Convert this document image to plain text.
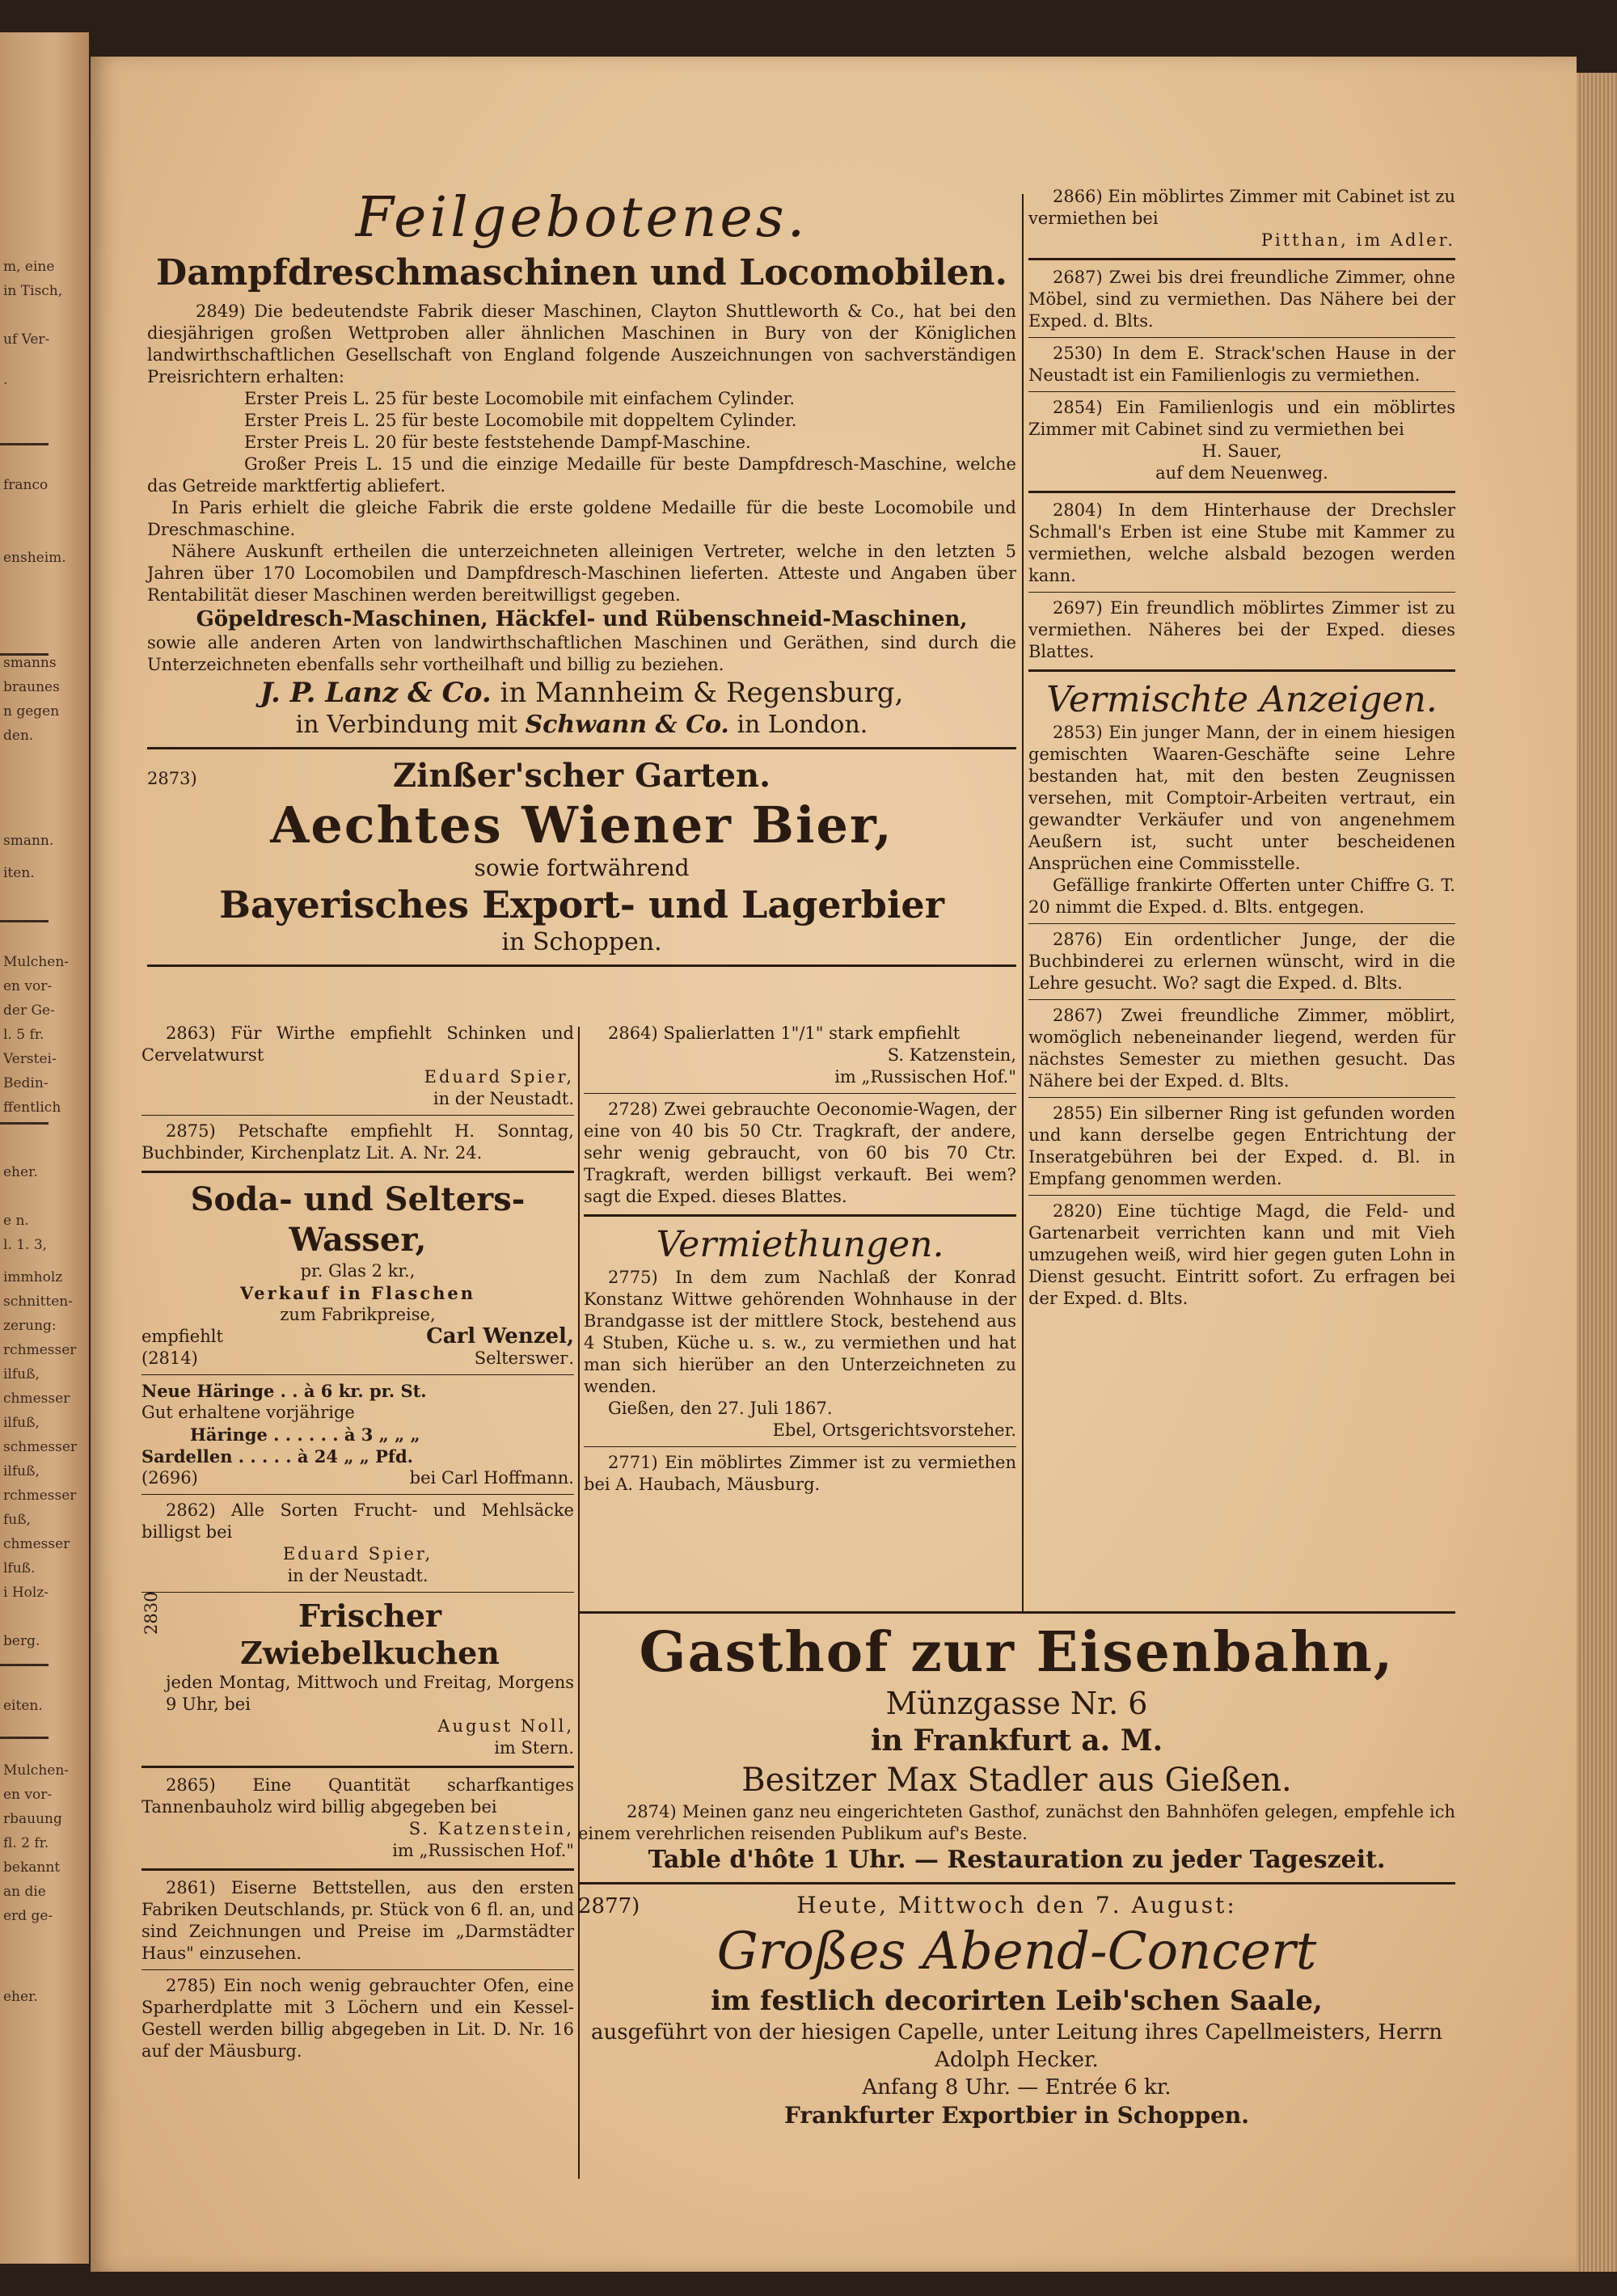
m, eine
in Tisch,
uf Ver-
.
franco
ensheim.
smanns
braunes
n gegen
den.
smann.
iten.
Mulchen-
en vor-
der Ge-
l. 5 fr.
Verstei-
Bedin-
ffentlich
eher.
e n.
l. 1. 3,
immholz
schnitten-
zerung:
rchmesser
ilfuß,
chmesser
ilfuß,
schmesser
ilfuß,
rchmesser
fuß,
chmesser
lfuß.
i Holz-
berg.
eiten.
Mulchen-
en vor-
rbauung
fl. 2 fr.
bekannt
an die
erd ge-
eher.
Feilgebotenes.
Dampfdreschmaschinen und Locomobilen.

2849) Die bedeutendste Fabrik dieser Maschinen, Clayton Shuttleworth & Co., hat bei den diesjährigen großen Wettproben aller ähnlichen Maschinen in Bury von der Königlichen landwirthschaftlichen Gesellschaft von England folgende Auszeichnungen von sachverständigen Preisrichtern erhalten:

Erster Preis L. 25 für beste Locomobile mit einfachem Cylinder.

Erster Preis L. 25 für beste Locomobile mit doppeltem Cylinder.

Erster Preis L. 20 für beste feststehende Dampf-Maschine.

Großer Preis L. 15 und die einzige Medaille für beste Dampfdresch-Maschine, welche das Getreide marktfertig abliefert.

In Paris erhielt die gleiche Fabrik die erste goldene Medaille für die beste Locomobile und Dreschmaschine.

Nähere Auskunft ertheilen die unterzeichneten alleinigen Vertreter, welche in den letzten 5 Jahren über 170 Locomobilen und Dampfdresch-Maschinen lieferten. Atteste und Angaben über Rentabilität dieser Maschinen werden bereitwilligst gegeben.

Göpeldresch-Maschinen, Häckfel- und Rübenschneid-Maschinen,

sowie alle anderen Arten von landwirthschaftlichen Maschinen und Geräthen, sind durch die Unterzeichneten ebenfalls sehr vortheilhaft und billig zu beziehen.

J. P. Lanz & Co. in Mannheim & Regensburg,
in Verbindung mit Schwann & Co. in London.
2873)	Zinßer'scher Garten.
Aechtes Wiener Bier,
sowie fortwährend
Bayerisches Export- und Lagerbier
in Schoppen.

2863) Für Wirthe empfiehlt Schinken und Cervelatwurst

Eduard Spier,

in der Neustadt.

2875) Petschafte empfiehlt H. Sonntag, Buchbinder, Kirchenplatz Lit. A. Nr. 24.

Soda- und Selters-Wasser,
pr. Glas 2 kr.,
Verkauf in Flaschen
zum Fabrikpreise,
empfiehlt	Carl Wenzel,
(2814)	Selterswег.

Neue Häringe . . à 6 kr. pr. St.

Gut erhaltene vorjährige

Häringe . . . . . . à 3 „ „ „

Sardellen . . . . . à 24 „ „ Pfd.

(2696)	bei Carl Hoffmann.

2862) Alle Sorten Frucht- und Mehlsäcke billigst bei

Eduard Spier,

in der Neustadt.

2830	Frischer Zwiebelkuchen

jeden Montag, Mittwoch und Freitag, Morgens 9 Uhr, bei

August Noll,

im Stern.

2865) Eine Quantität scharfkantiges Tannenbauholz wird billig abgegeben bei

S. Katzenstein,

im „Russischen Hof."

2861) Eiserne Bettstellen, aus den ersten Fabriken Deutschlands, pr. Stück von 6 fl. an, und sind Zeichnungen und Preise im „Darmstädter Haus" einzusehen.

2785) Ein noch wenig gebrauchter Ofen, eine Sparherdplatte mit 3 Löchern und ein Kessel-Gestell werden billig abgegeben in Lit. D. Nr. 16 auf der Mäusburg.

2864) Spalierlatten 1"/1" stark empfiehlt

S. Katzenstein,

im „Russischen Hof."

2728) Zwei gebrauchte Oeconomie-Wagen, der eine von 40 bis 50 Ctr. Tragkraft, der andere, sehr wenig gebraucht, von 60 bis 70 Ctr. Tragkraft, werden billigst verkauft. Bei wem? sagt die Exped. dieses Blattes.

Vermiethungen.

2775) In dem zum Nachlaß der Konrad Konstanz Wittwe gehörenden Wohnhause in der Brandgasse ist der mittlere Stock, bestehend aus 4 Stuben, Küche u. s. w., zu vermiethen und hat man sich hierüber an den Unterzeichneten zu wenden.

Gießen, den 27. Juli 1867.

Ebel, Ortsgerichtsvorsteher.

2771) Ein möblirtes Zimmer ist zu vermiethen bei A. Haubach, Mäusburg.

2866) Ein möblirtes Zimmer mit Cabinet ist zu vermiethen bei

Pitthan, im Adler.

2687) Zwei bis drei freundliche Zimmer, ohne Möbel, sind zu vermiethen. Das Nähere bei der Exped. d. Blts.

2530) In dem E. Strack'schen Hause in der Neustadt ist ein Familienlogis zu vermiethen.

2854) Ein Familienlogis und ein möblirtes Zimmer mit Cabinet sind zu vermiethen bei

H. Sauer,

auf dem Neuenweg.

2804) In dem Hinterhause der Drechsler Schmall's Erben ist eine Stube mit Kammer zu vermiethen, welche alsbald bezogen werden kann.

2697) Ein freundlich möblirtes Zimmer ist zu vermiethen. Näheres bei der Exped. dieses Blattes.

Vermischte Anzeigen.

2853) Ein junger Mann, der in einem hiesigen gemischten Waaren-Geschäfte seine Lehre bestanden hat, mit den besten Zeugnissen versehen, mit Comptoir-Arbeiten vertraut, ein gewandter Verkäufer und von angenehmem Aeußern ist, sucht unter bescheidenen Ansprüchen eine Commisstelle.

Gefällige frankirte Offerten unter Chiffre G. T. 20 nimmt die Exped. d. Blts. entgegen.

2876) Ein ordentlicher Junge, der die Buchbinderei zu erlernen wünscht, wird in die Lehre gesucht. Wo? sagt die Exped. d. Blts.

2867) Zwei freundliche Zimmer, möblirt, womöglich nebeneinander liegend, werden für nächstes Semester zu miethen gesucht. Das Nähere bei der Exped. d. Blts.

2855) Ein silberner Ring ist gefunden worden und kann derselbe gegen Entrichtung der Inseratgebühren bei der Exped. d. Bl. in Empfang genommen werden.

2820) Eine tüchtige Magd, die Feld- und Gartenarbeit verrichten kann und mit Vieh umzugehen weiß, wird hier gegen guten Lohn in Dienst gesucht. Eintritt sofort. Zu erfragen bei der Exped. d. Blts.

Gasthof zur Eisenbahn,
Münzgasse Nr. 6
in Frankfurt a. M.
Besitzer Max Stadler aus Gießen.

2874) Meinen ganz neu eingerichteten Gasthof, zunächst den Bahnhöfen gelegen, empfehle ich einem verehrlichen reisenden Publikum auf's Beste.

Table d'hôte 1 Uhr. — Restauration zu jeder Tageszeit.
2877)	Heute, Mittwoch den 7. August:
Großes Abend-Concert
im festlich decorirten Leib'schen Saale,
ausgeführt von der hiesigen Capelle, unter Leitung ihres Capellmeisters, Herrn Adolph Hecker.
Anfang 8 Uhr. — Entrée 6 kr.
Frankfurter Exportbier in Schoppen.
